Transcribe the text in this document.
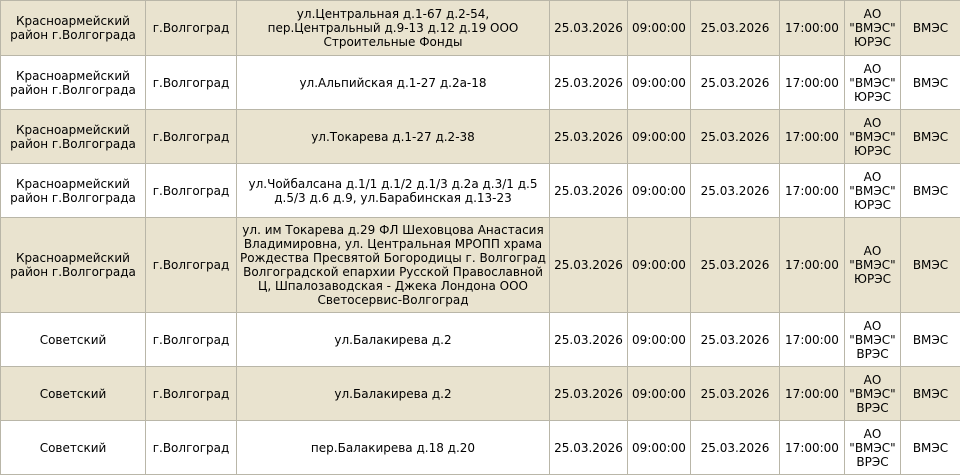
Красноармейский район г.Волгограда	г.Волгоград	ул.Центральная д.1-67 д.2-54, пер.Центральный д.9-13 д.12 д.19 ООО Строительные Фонды	25.03.2026	09:00:00	25.03.2026	17:00:00	АО "ВМЭС" ЮРЭС	ВМЭС
Красноармейский район г.Волгограда	г.Волгоград	ул.Альпийская д.1-27 д.2а-18	25.03.2026	09:00:00	25.03.2026	17:00:00	АО "ВМЭС" ЮРЭС	ВМЭС
Красноармейский район г.Волгограда	г.Волгоград	ул.Токарева д.1-27 д.2-38	25.03.2026	09:00:00	25.03.2026	17:00:00	АО "ВМЭС" ЮРЭС	ВМЭС
Красноармейский район г.Волгограда	г.Волгоград	ул.Чойбалсана д.1/1 д.1/2 д.1/3 д.2а д.3/1 д.5 д.5/3 д.6 д.9, ул.Барабинская д.13-23	25.03.2026	09:00:00	25.03.2026	17:00:00	АО "ВМЭС" ЮРЭС	ВМЭС
Красноармейский район г.Волгограда	г.Волгоград	ул. им Токарева д.29 ФЛ Шеховцова Анастасия Владимировна, ул. Центральная МРОПП храма Рождества Пресвятой Богородицы г. Волгоград Волгоградской епархии Русской Православной Ц, Шпалозаводская - Джека Лондона ООО Светосервис-Волгоград	25.03.2026	09:00:00	25.03.2026	17:00:00	АО "ВМЭС" ЮРЭС	ВМЭС
Советский	г.Волгоград	ул.Балакирева д.2	25.03.2026	09:00:00	25.03.2026	17:00:00	АО "ВМЭС" ВРЭС	ВМЭС
Советский	г.Волгоград	ул.Балакирева д.2	25.03.2026	09:00:00	25.03.2026	17:00:00	АО "ВМЭС" ВРЭС	ВМЭС
Советский	г.Волгоград	пер.Балакирева д.18 д.20	25.03.2026	09:00:00	25.03.2026	17:00:00	АО "ВМЭС" ВРЭС	ВМЭС
